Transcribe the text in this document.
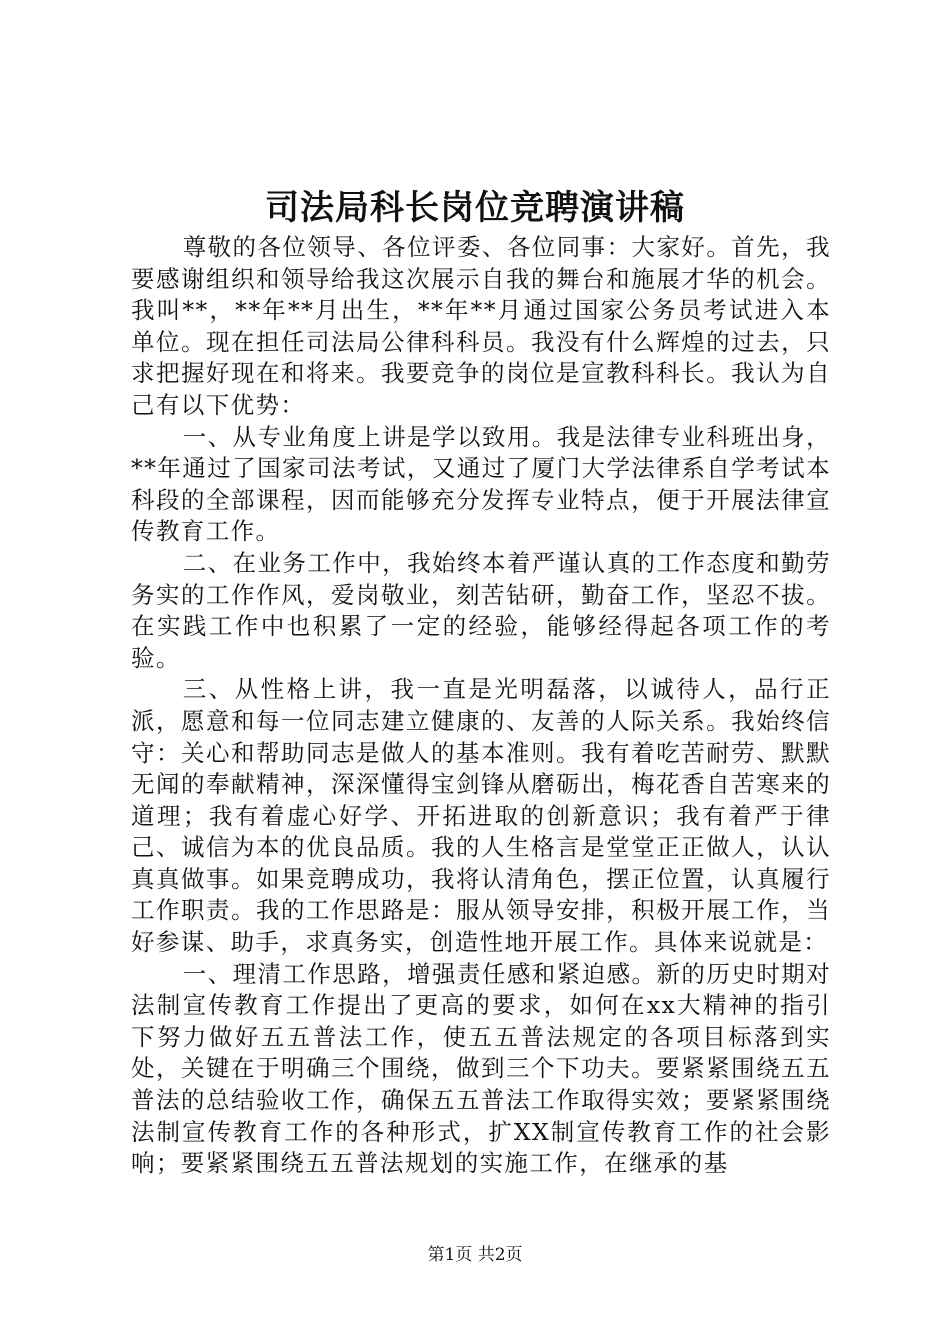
司法局科长岗位竞聘演讲稿

尊敬的各位领导、各位评委、各位同事：大家好。首先，我要感谢组织和领导给我这次展示自我的舞台和施展才华的机会。我叫**，**年**月出生，**年**月通过国家公务员考试进入本单位。现在担任司法局公律科科员。我没有什么辉煌的过去，只求把握好现在和将来。我要竞争的岗位是宣教科科长。我认为自己有以下优势：

一、从专业角度上讲是学以致用。我是法律专业科班出身，**年通过了国家司法考试，又通过了厦门大学法律系自学考试本科段的全部课程，因而能够充分发挥专业特点，便于开展法律宣传教育工作。

二、在业务工作中，我始终本着严谨认真的工作态度和勤劳务实的工作作风，爱岗敬业，刻苦钻研，勤奋工作，坚忍不拔。在实践工作中也积累了一定的经验，能够经得起各项工作的考验。

三、从性格上讲，我一直是光明磊落，以诚待人，品行正派，愿意和每一位同志建立健康的、友善的人际关系。我始终信守：关心和帮助同志是做人的基本准则。我有着吃苦耐劳、默默无闻的奉献精神，深深懂得宝剑锋从磨砺出，梅花香自苦寒来的道理；我有着虚心好学、开拓进取的创新意识；我有着严于律己、诚信为本的优良品质。我的人生格言是堂堂正正做人，认认真真做事。如果竞聘成功，我将认清角色，摆正位置，认真履行工作职责。我的工作思路是：服从领导安排，积极开展工作，当好参谋、助手，求真务实，创造性地开展工作。具体来说就是：

一、理清工作思路，增强责任感和紧迫感。新的历史时期对法制宣传教育工作提出了更高的要求，如何在xx大精神的指引下努力做好五五普法工作，使五五普法规定的各项目标落到实处，关键在于明确三个围绕，做到三个下功夫。要紧紧围绕五五普法的总结验收工作，确保五五普法工作取得实效；要紧紧围绕法制宣传教育工作的各种形式，扩XX制宣传教育工作的社会影响；要紧紧围绕五五普法规划的实施工作，在继承的基

第1页 共2页
